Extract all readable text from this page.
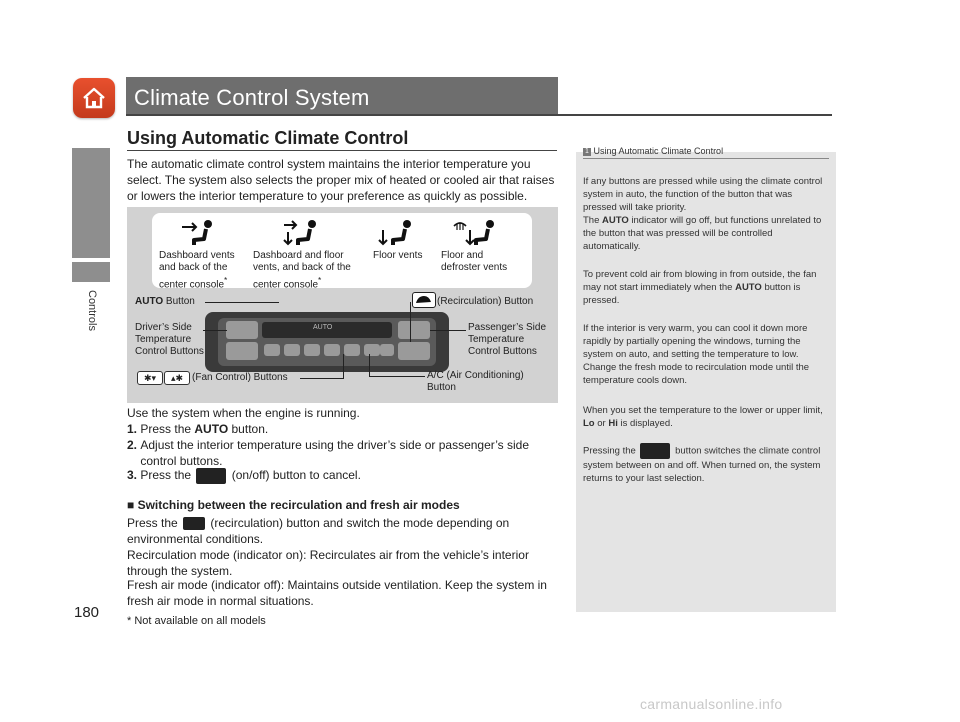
Controls
180
Climate Control System
Using Automatic Climate Control
The automatic climate control system maintains the interior temperature you select. The system also selects the proper mix of heated or cooled air that raises or lowers the interior temperature to your preference as quickly as possible.
Dashboard vents and back of the center console*
Dashboard and floor vents, and back of the center console*
Floor vents	Floor and defroster vents
AUTO
AUTO Button	(Recirculation) Button
Driver’s Side Temperature Control Buttons
Passenger’s Side Temperature Control Buttons
✱▾	▴✱ (Fan Control) Buttons	A/C (Air Conditioning) Button
Use the system when the engine is running.
1. Press the AUTO button.
2. Adjust the interior temperature using the driver’s side or passenger’s side control buttons.
3. Press the	(on/off) button to cancel.
■ Switching between the recirculation and fresh air modes
Press the  (recirculation) button and switch the mode depending on environmental conditions.
Recirculation mode (indicator on): Recirculates air from the vehicle’s interior through the system.
Fresh air mode (indicator off): Maintains outside ventilation. Keep the system in fresh air mode in normal situations.
1 Using Automatic Climate Control
If any buttons are pressed while using the climate control system in auto, the function of the button that was pressed will take priority.
The AUTO indicator will go off, but functions unrelated to the button that was pressed will be controlled automatically.
To prevent cold air from blowing in from outside, the fan may not start immediately when the AUTO button is pressed.
If the interior is very warm, you can cool it down more rapidly by partially opening the windows, turning the system on auto, and setting the temperature to low. Change the fresh mode to recirculation mode until the temperature cools down.
When you set the temperature to the lower or upper limit, Lo or Hi is displayed.
Pressing the	button switches the climate control system between on and off. When turned on, the system returns to your last selection.
* Not available on all models
carmanualsonline.info
